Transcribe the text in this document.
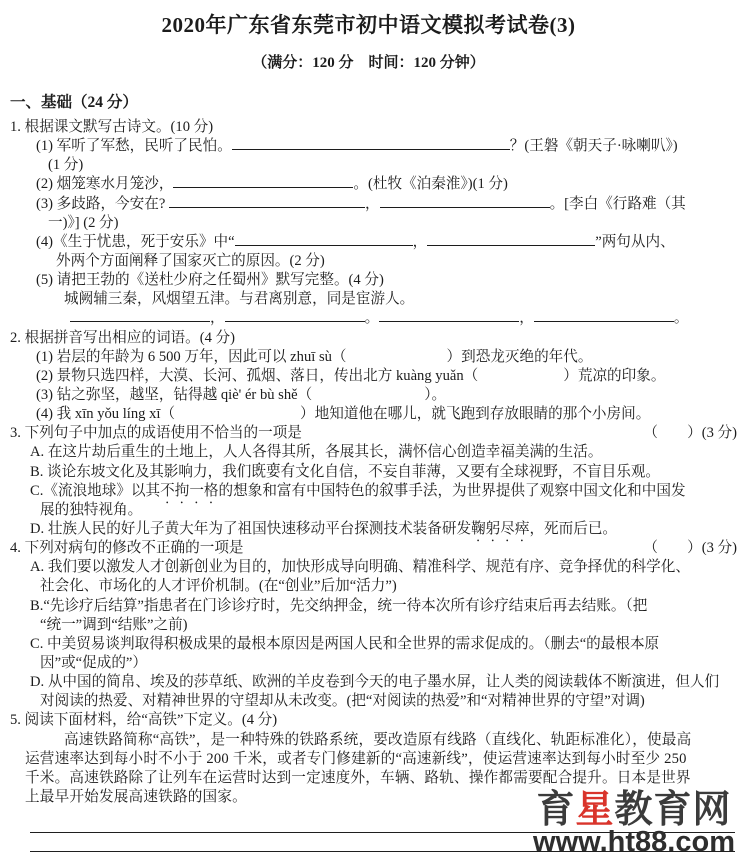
2020年广东省东莞市初中语文模拟考试卷(3)
（满分：120 分　时间：120 分钟）
一、基础（24 分）
1. 根据课文默写古诗文。(10 分)
(1) 军听了军愁，民听了民怕。	？(王磐《朝天子·咏喇叭》)
(1 分)
(2) 烟笼寒水月笼沙，	。(杜牧《泊秦淮》)(1 分)
(3) 多歧路，今安在?	，	。[李白《行路难（其
一)》] (2 分)
(4)《生于忧患，死于安乐》中“	，	”两句从内、
外两个方面阐释了国家灭亡的原因。(2 分)
(5) 请把王勃的《送杜少府之任蜀州》默写完整。(4 分)
城阙辅三秦，风烟望五津。与君离别意，同是宦游人。
，	。	，	。
2. 根据拼音写出相应的词语。(4 分)
(1) 岩层的年龄为 6 500 万年，因此可以 zhuī sù（	）到恐龙灭绝的年代。
(2) 景物只选四样，大漠、长河、孤烟、落日，传出北方 kuàng yuǎn（	）荒凉的印象。
(3) 钻之弥坚，越坚，钻得越 qiè' ér bù shě（	）。
(4) 我 xīn yǒu líng xī（	）地知道他在哪儿，就飞跑到存放眼睛的那个小房间。
3. 下列句子中加点的成语使用不恰当的一项是	（　　）(3 分)
A. 在这片劫后重生的土地上，人人 各得其所 ，各展其长，满怀信心创造幸福美满的生活。
B. 谈论东坡文化及其影响力，我们既要有文化自信，不 妄自菲薄 ，又要有全球视野，不盲目乐观。
C.《流浪地球》以其 不拘一格 的想象和富有中国特色的叙事手法，为世界提供了观察中国文化和中国发
展的独特视角。
D. 壮族人民的好儿子黄大年为了祖国快速移动平台探测技术装备研发 鞠躬尽瘁 ，死而后已。
4. 下列对病句的修改不正确的一项是	（　　）(3 分)
A. 我们要以激发人才创新创业为目的，加快形成导向明确、精准科学、规范有序、竞争择优的科学化、
社会化、市场化的人才评价机制。(在“创业”后加“活力”)
B.“先诊疗后结算”指患者在门诊诊疗时，先交纳押金，统一待本次所有诊疗结束后再去结账。（把
“统一”调到“结账”之前)
C. 中美贸易谈判取得积极成果的最根本原因是两国人民和全世界的需求促成的。（删去“的最根本原
因”或“促成的”）
D. 从中国的简帛、埃及的莎草纸、欧洲的羊皮卷到今天的电子墨水屏，让人类的阅读载体不断演进，但人们
对阅读的热爱、对精神世界的守望却从未改变。(把“对阅读的热爱”和“对精神世界的守望”对调)
5. 阅读下面材料，给“高铁”下定义。(4 分)
高速铁路简称“高铁”，是一种特殊的铁路系统，要改造原有线路（直线化、轨距标准化），使最高
运营速率达到每小时不小于 200 千米，或者专门修建新的“高速新线”，使运营速率达到每小时至少 250
千米。高速铁路除了让列车在运营时达到一定速度外，车辆、路轨、操作都需要配合提升。日本是世界
上最早开始发展高速铁路的国家。	育星教育网
www.ht88.com
